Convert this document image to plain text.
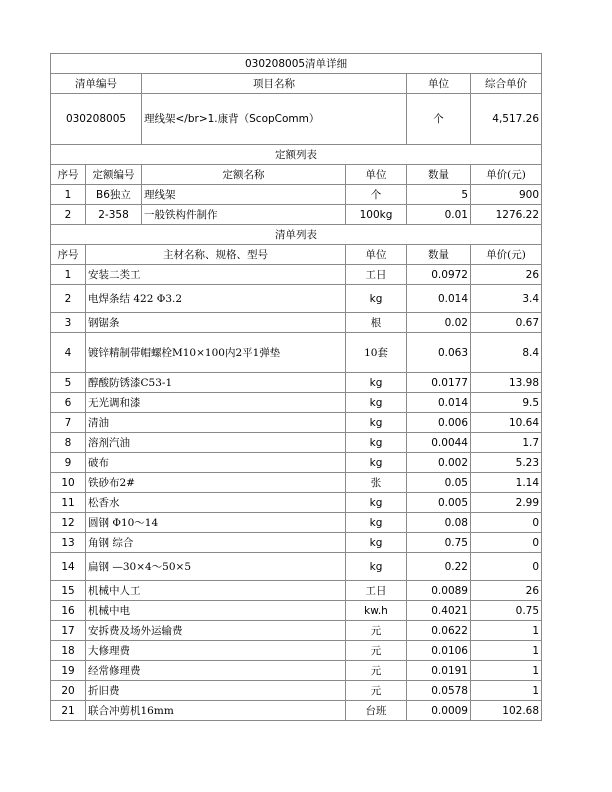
030208005清单详细						
清单编号		项目名称		单位	综合单价	
030208005		理线架</br>1.康背（ScopComm）		个	4,517.26	
定额列表						
序号	定额编号	定额名称	单位	数量	单价(元)	
1	B6独立	理线架	个	5	900	
2	2-358	一般铁构件制作	100kg	0.01	1276.22	
清单列表						
序号	主材名称、规格、型号		单位	数量	单价(元)	
1	安装二类工		工日	0.0972	26	
2	电焊条结 422 Φ3.2		kg	0.014	3.4	
3	钢锯条		根	0.02	0.67	
4	镀锌精制带帽螺栓M10×100内2平1弹垫		10套	0.063	8.4	
5	醇酸防锈漆C53-1		kg	0.0177	13.98	
6	无光调和漆		kg	0.014	9.5	
7	清油		kg	0.006	10.64	
8	溶剂汽油		kg	0.0044	1.7	
9	破布		kg	0.002	5.23	
10	铁砂布2#		张	0.05	1.14	
11	松香水		kg	0.005	2.99	
12	圆钢 Φ10～14		kg	0.08	0	
13	角钢 综合		kg	0.75	0	
14	扁钢 —30×4～50×5		kg	0.22	0	
15	机械中人工		工日	0.0089	26	
16	机械中电		kw.h	0.4021	0.75	
17	安拆费及场外运输费		元	0.0622	1	
18	大修理费		元	0.0106	1	
19	经常修理费		元	0.0191	1	
20	折旧费		元	0.0578	1	
21	联合冲剪机16mm		台班	0.0009	102.68	
